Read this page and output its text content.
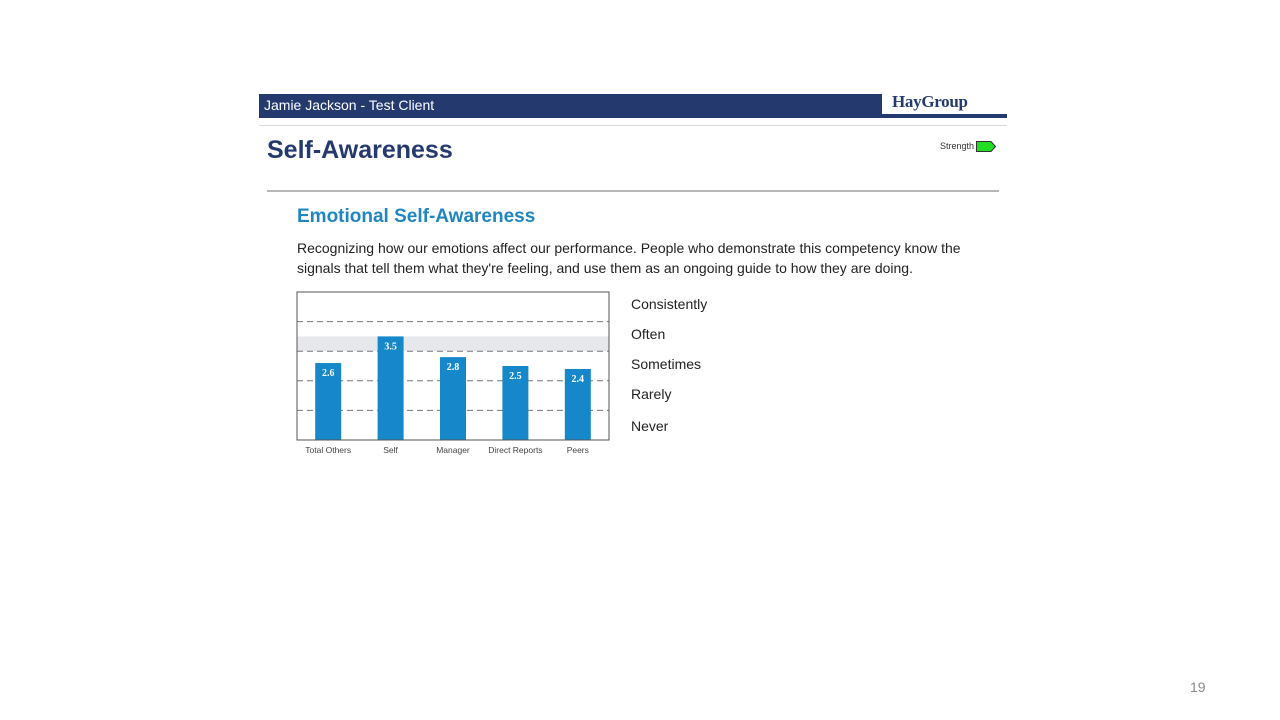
Jamie Jackson - Test Client	HayGroup
Self-Awareness	Strength
Emotional Self-Awareness
Recognizing how our emotions affect our performance. People who demonstrate this competency know the signals that tell them what they're feeling, and use them as an ongoing guide to how they are doing.
2.6
Total Others
3.5
Self
2.8
Manager
2.5
Direct Reports
2.4
Peers
Consistently
Often
Sometimes
Rarely
Never
19
